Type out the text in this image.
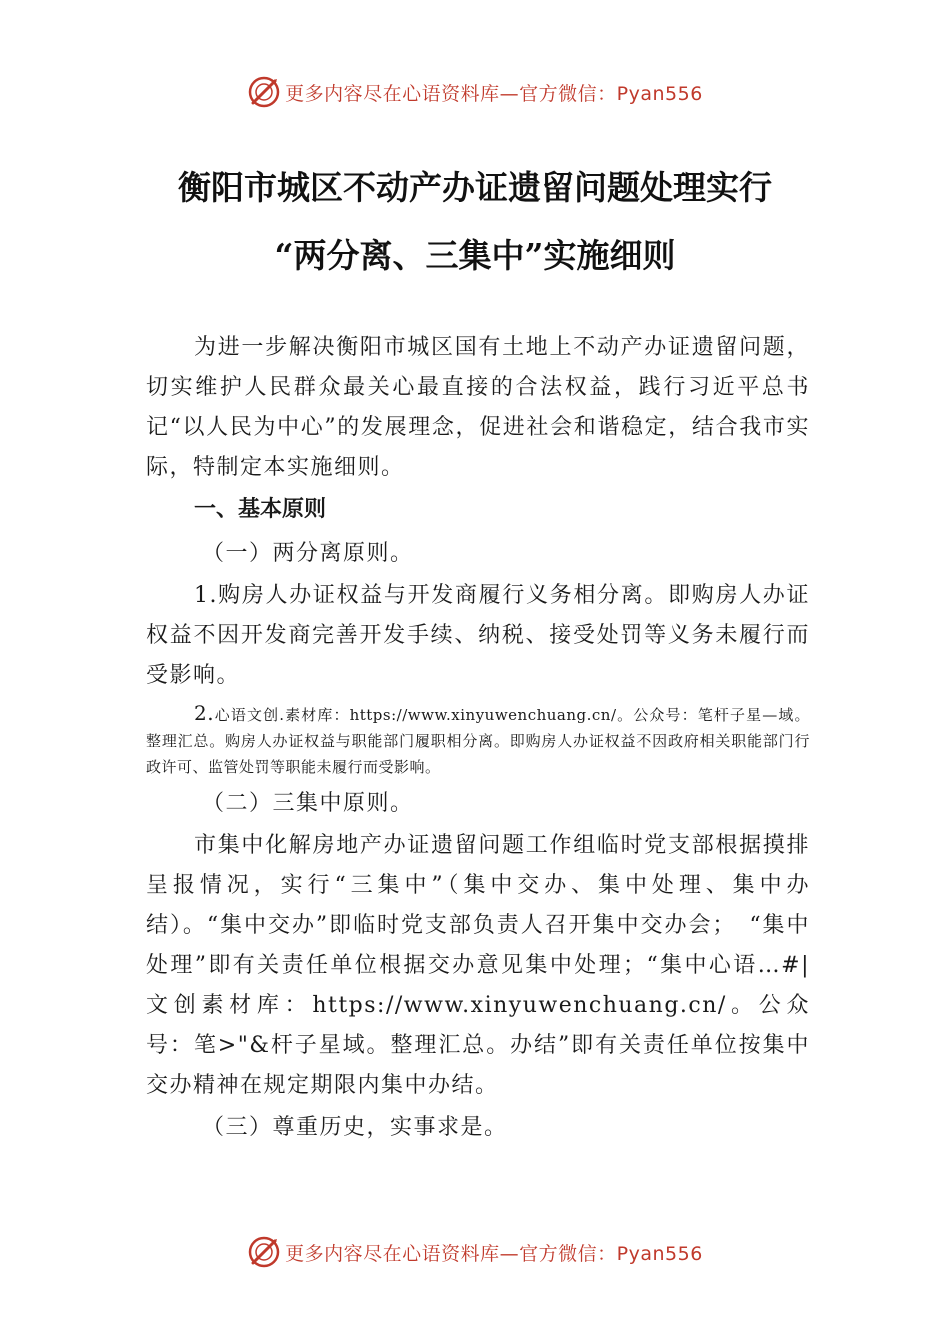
更多内容尽在心语资料库—官方微信：Pyan556
衡阳市城区不动产办证遗留问题处理实行
“两分离、三集中”实施细则

为进一步解决衡阳市城区国有土地上不动产办证遗留问题，切实维护人民群众最关心最直接的合法权益，践行习近平总书记“以人民为中心”的发展理念，促进社会和谐稳定，结合我市实际，特制定本实施细则。

一、基本原则

（一）两分离原则。

1.购房人办证权益与开发商履行义务相分离。即购房人办证权益不因开发商完善开发手续、纳税、接受处罚等义务未履行而受影响。

2.心语文创.素材库：https://www.xinyuwenchuang.cn/。公众号：笔杆子星—域。整理汇总。购房人办证权益与职能部门履职相分离。即购房人办证权益不因政府相关职能部门行政许可、监管处罚等职能未履行而受影响。

（二）三集中原则。

市集中化解房地产办证遗留问题工作组临时党支部根据摸排呈报情况，实行“三集中”（集中交办、集中处理、集中办结）。“集中交办”即临时党支部负责人召开集中交办会；　“集中处理”即有关责任单位根据交办意见集中处理；“集中心语…#|文创素材库：https://www.xinyuwenchuang.cn/。公众号：笔>"&杆子星域。整理汇总。办结”即有关责任单位按集中交办精神在规定期限内集中办结。

（三）尊重历史，实事求是。

更多内容尽在心语资料库—官方微信：Pyan556
